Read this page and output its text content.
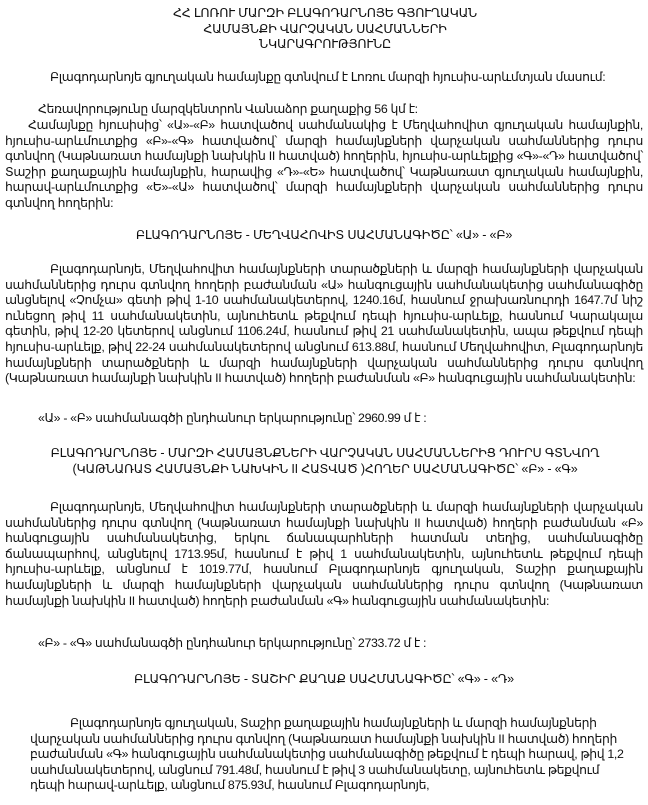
ՀՀ ԼՈՌՈՒ ՄԱՐԶԻ ԲԼԱԳՈԴԱՐՆՈՅԵ ԳՅՈՒՂԱԿԱՆ ՀԱՄԱՅՆՔԻ ՎԱՐՉԱԿԱՆ ՍԱՀՄԱՆՆԵՐԻ ՆԿԱՐԱԳՐՈՒԹՅՈՒՆԸ

Բլագոդարնոյե գյուղական համայնքը գտնվում է Լոռու մարզի հյուսիս-արևմտյան մասում:

Հեռավորությունը մարզկենտրոն Վանաձոր քաղաքից 56 կմ է:

Համայնքը հյուսիսից՝ «Ա»-«Բ» հատվածով սահմանակից է Մեղվահովիտ գյուղական համայնքին, հյուսիս-արևմուտքից «Բ»-«Գ» հատվածով՝ մարզի համայնքների վարչական սահմաններից դուրս գտնվող (Կաթնառատ համայնքի նախկին II հատված) հողերին, հյուսիս-արևելքից «Գ»-«Դ» հատվածով՝ Տաշիր քաղաքային համայնքին, հարավից «Դ»-«Ե» հատվածով՝ Կաթնառատ գյուղական համայնքին, հարավ-արևմուտքից «Ե»-«Ա» հատվածով՝ մարզի համայնքների վարչական սահմաններից դուրս գտնվող հողերին:

ԲԼԱԳՈԴԱՐՆՈՅԵ - ՄԵՂՎԱՀՈՎԻՏ ՍԱՀՄԱՆԱԳԻԾԸ՝ «Ա» - «Բ»

Բլագոդարնոյե, Մեղվահովիտ համայնքների տարածքների և մարզի համայնքների վարչական սահմաններից դուրս գտնվող հողերի բաժանման «Ա» հանգուցային սահմանակետից սահմանագիծը անցնելով «Չոմչա» գետի թիվ 1-10 սահմանակետերով, 1240.16մ, հասնում ջրախառնուրդի 1647.7մ նիշ ունեցող թիվ 11 սահմանակետին, այնուհետև թեքվում դեպի հյուսիս-արևելք, հասնում Կարակալա գետին, թիվ 12-20 կետերով անցնում 1106.24մ, հասնում թիվ 21 սահմանակետին, ապա թեքվում դեպի հյուսիս-արևելք, թիվ 22-24 սահմանակետերով անցնում 613.88մ, հասնում Մեղվահովիտ, Բլագոդարնոյե համայնքների տարածքների և մարզի համայնքների վարչական սահմաններից դուրս գտնվող (Կաթնառատ համայնքի նախկին II հատված) հողերի բաժանման «Բ» հանգուցային սահմանակետին:

«Ա» - «Բ» սահմանագծի ընդհանուր երկարությունը՝ 2960.99 մ է :

ԲԼԱԳՈԴԱՐՆՈՅԵ - ՄԱՐԶԻ ՀԱՄԱՅՆՔՆԵՐԻ ՎԱՐՉԱԿԱՆ ՍԱՀՄԱՆՆԵՐԻՑ ԴՈՒՐՍ ԳՏՆՎՈՂ (ԿԱԹՆԱՌԱՏ ՀԱՄԱՅՆՔԻ ՆԱԽԿԻՆ II ՀԱՏՎԱԾ )ՀՈՂԵՐ ՍԱՀՄԱՆԱԳԻԾԸ՝ «Բ» - «Գ»

Բլագոդարնոյե, Մեղվահովիտ համայնքների տարածքների և մարզի համայնքների վարչական սահմաններից դուրս գտնվող (Կաթնառատ համայնքի նախկին II հատված) հողերի բաժանման «Բ» հանգուցային սահմանակետից, երկու ճանապարհների հատման տեղից, սահմանագիծը ճանապարհով, անցնելով 1713.95մ, հասնում է թիվ 1 սահմանակետին, այնուհետև թեքվում դեպի հյուսիս-արևելք, անցնում է 1019.77մ, հասնում Բլագոդարնոյե գյուղական, Տաշիր քաղաքային համայնքների և մարզի համայնքների վարչական սահմաններից դուրս գտնվող (Կաթնառատ համայնքի նախկին II հատված) հողերի բաժանման «Գ» հանգուցային սահմանակետին:

«Բ» - «Գ» սահմանագծի ընդհանուր երկարությունը՝ 2733.72 մ է :

ԲԼԱԳՈԴԱՐՆՈՅԵ - ՏԱՇԻՐ ՔԱՂԱՔ ՍԱՀՄԱՆԱԳԻԾԸ՝ «Գ» - «Դ»

Բլագոդարնոյե գյուղական, Տաշիր քաղաքային համայնքների և մարզի համայնքների վարչական սահմաններից դուրս գտնվող (Կաթնառատ համայնքի նախկին II հատված) հողերի բաժանման «Գ» հանգուցային սահմանակետից սահմանագիծը թեքվում է դեպի հարավ, թիվ 1,2 սահմանակետերով, անցնում 791.48մ, հասնում է թիվ 3 սահմանակետը, այնուհետև թեքվում դեպի հարավ-արևելք, անցնում 875.93մ, հասնում Բլագոդարնոյե,
